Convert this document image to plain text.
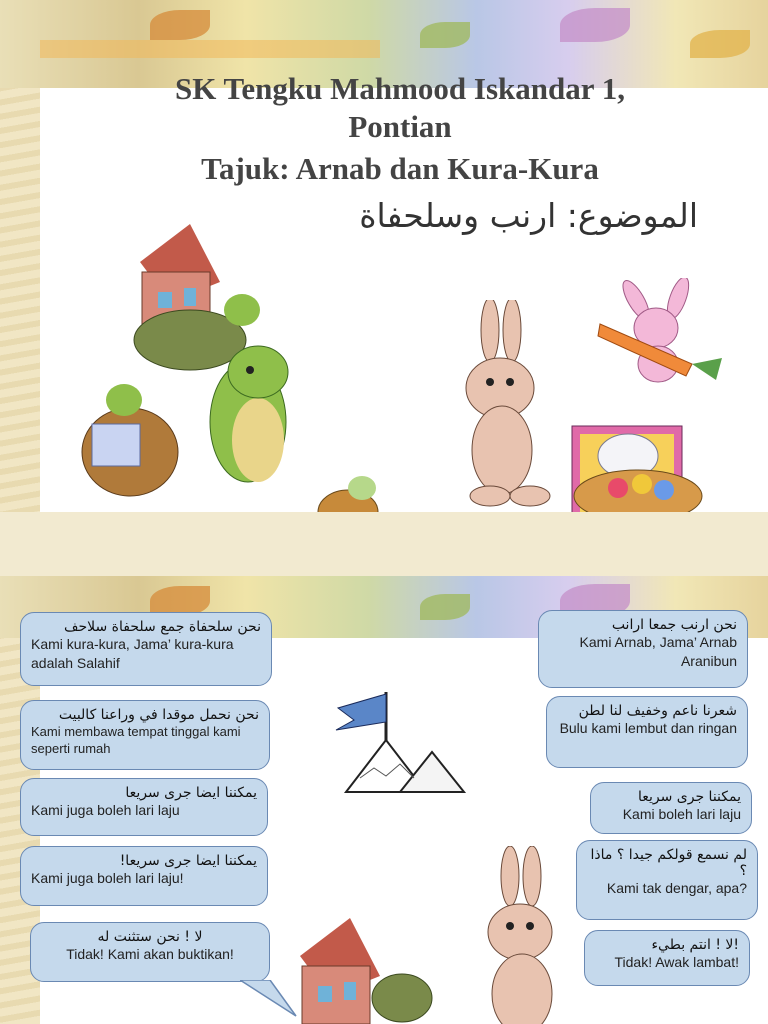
SK Tengku Mahmood Iskandar 1,
Pontian
Tajuk: Arnab dan Kura-Kura
الموضوع: ارنب وسلحفاة
نحن سلحفاة جمع سلحفاة سلاحف
Kami kura-kura, Jama’ kura-kura adalah Salahif
نحن نحمل موقدا في وراعنا كالبيت
Kami membawa tempat tinggal kami seperti rumah
يمكننا ايضا جرى سريعا
Kami juga boleh lari laju
يمكننا ايضا جرى سريعا!
Kami juga boleh lari laju!
لا ! نحن ستثنت له
Tidak! Kami akan buktikan!
نحن ارنب جمعا ارانب
Kami Arnab, Jama’ Arnab Aranibun
شعرنا ناعم وخفيف لنا لطن
Bulu kami lembut dan ringan
يمكننا جرى سريعا
Kami boleh lari laju
لم نسمع قولكم جيدا ؟ ماذا ؟
Kami tak dengar, apa?
!لا ! انتم بطيء
Tidak! Awak lambat!
